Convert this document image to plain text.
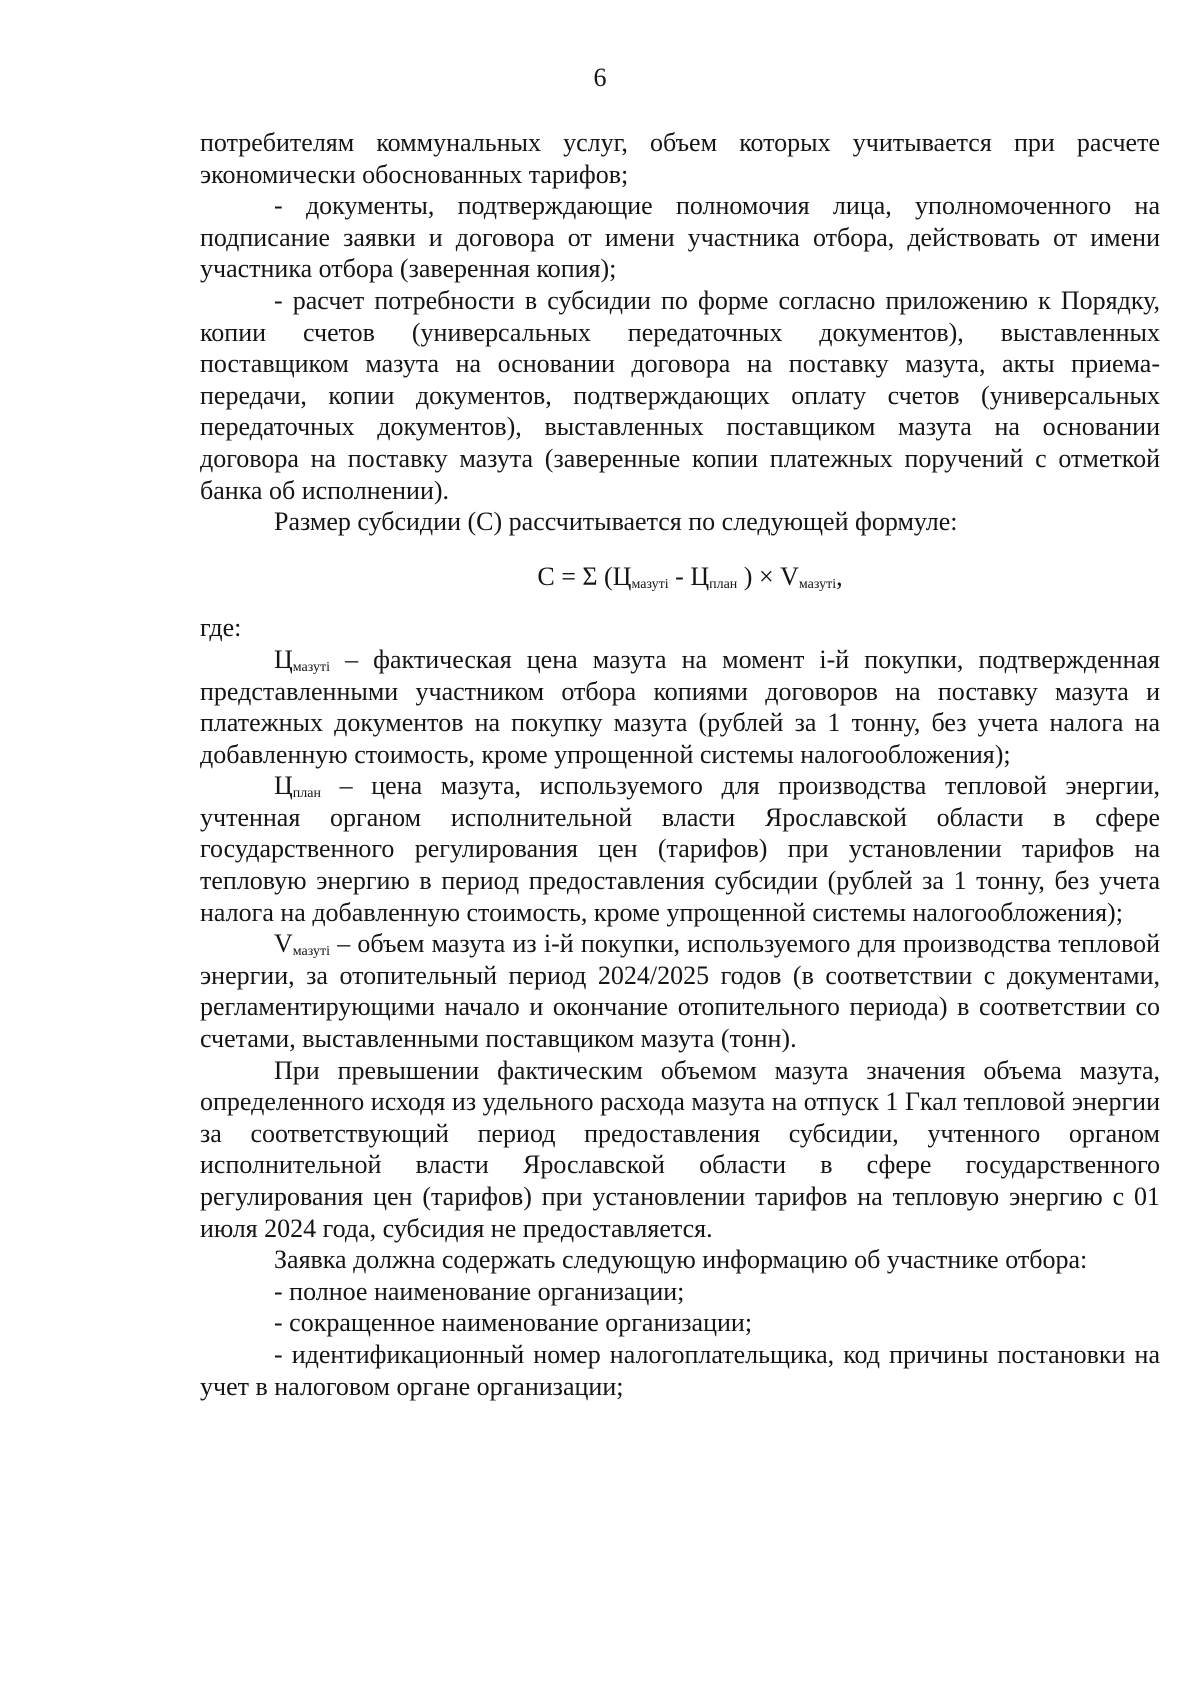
6

потребителям коммунальных услуг, объем которых учитывается при расчете экономически обоснованных тарифов;

- документы, подтверждающие полномочия лица, уполномоченного на подписание заявки и договора от имени участника отбора, действовать от имени участника отбора (заверенная копия);

- расчет потребности в субсидии по форме согласно приложению к Порядку, копии счетов (универсальных передаточных документов), выставленных поставщиком мазута на основании договора на поставку мазута, акты приема-передачи, копии документов, подтверждающих оплату счетов (универсальных передаточных документов), выставленных поставщиком мазута на основании договора на поставку мазута (заверенные копии платежных поручений с отметкой банка об исполнении).

Размер субсидии (С) рассчитывается по следующей формуле:

С = Σ ($Ц_{мазутi} - Ц_{план}$ ) × $V_{мазутi}$,

где:

$Ц_{мазутi}$ – фактическая цена мазута на момент i-й покупки, подтвержденная представленными участником отбора копиями договоров на поставку мазута и платежных документов на покупку мазута (рублей за 1 тонну, без учета налога на добавленную стоимость, кроме упрощенной системы налогообложения);

$Ц_{план}$ – цена мазута, используемого для производства тепловой энергии, учтенная органом исполнительной власти Ярославской области в сфере государственного регулирования цен (тарифов) при установлении тарифов на тепловую энергию в период предоставления субсидии (рублей за 1 тонну, без учета налога на добавленную стоимость, кроме упрощенной системы налогообложения);

$V_{мазутi}$ – объем мазута из i-й покупки, используемого для производства тепловой энергии, за отопительный период 2024/2025 годов (в соответствии с документами, регламентирующими начало и окончание отопительного периода) в соответствии со счетами, выставленными поставщиком мазута (тонн).

При превышении фактическим объемом мазута значения объема мазута, определенного исходя из удельного расхода мазута на отпуск 1 Гкал тепловой энергии за соответствующий период предоставления субсидии, учтенного органом исполнительной власти Ярославской области в сфере государственного регулирования цен (тарифов) при установлении тарифов на тепловую энергию с 01 июля 2024 года, субсидия не предоставляется.

Заявка должна содержать следующую информацию об участнике отбора:

- полное наименование организации;

- сокращенное наименование организации;

- идентификационный номер налогоплательщика, код причины постановки на учет в налоговом органе организации;
